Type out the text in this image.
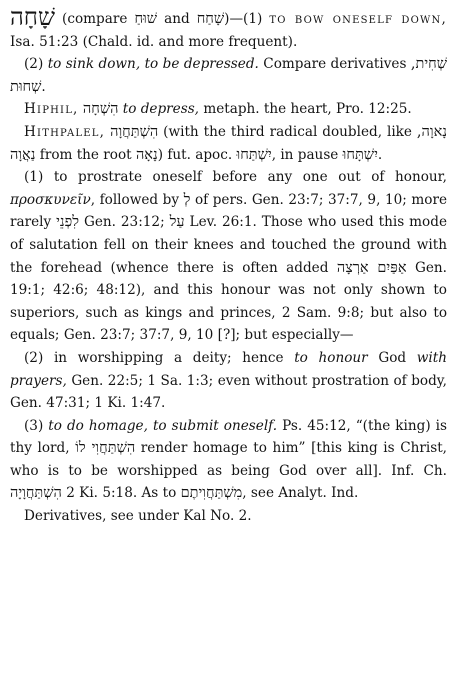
שָׁחָה (compare שׁוּחַ and שָׁחַח)—(1) to bow oneself down, Isa. 51:23 (Chald. id. and more frequent).

(2) to sink down, to be depressed. Compare derivatives שְׁחִית, שְׁחוּת.

Hiphil, הִשְׁחָה to depress, metaph. the heart, Pro. 12:25.

Hithpalel, הִשְׁתַּחֲוָה (with the third radical doubled, like נָאוָה, נַאֲוָה from the root נָאָה) fut. apoc. יִשְׁתַּחוּ, in pause יִשְׁתָּחוּ.

(1) to prostrate oneself before any one out of honour, προσκυνεῖν, followed by לְ of pers. Gen. 23:7; 37:7, 9, 10; more rarely לִפְנֵי Gen. 23:12; עַל Lev. 26:1. Those who used this mode of salutation fell on their knees and touched the ground with the forehead (whence there is often added אַפַּיִם אַרְצָה Gen. 19:1; 42:6; 48:12), and this honour was not only shown to superiors, such as kings and princes, 2 Sam. 9:8; but also to equals; Gen. 23:7; 37:7, 9, 10 [?]; but especially—

(2) in worshipping a deity; hence to honour God with prayers, Gen. 22:5; 1 Sa. 1:3; even without prostration of body, Gen. 47:31; 1 Ki. 1:47.

(3) to do homage, to submit oneself. Ps. 45:12, “(the king) is thy lord, הִשְׁתַּחֲוִי לוֹ render homage to him” [this king is Christ, who is to be worshipped as being God over all]. Inf. Ch. הִשְׁתַּחֲוָיָה 2 Ki. 5:18. As to מִשְׁתַּחֲוִיתֶם, see Analyt. Ind.

Derivatives, see under Kal No. 2.
